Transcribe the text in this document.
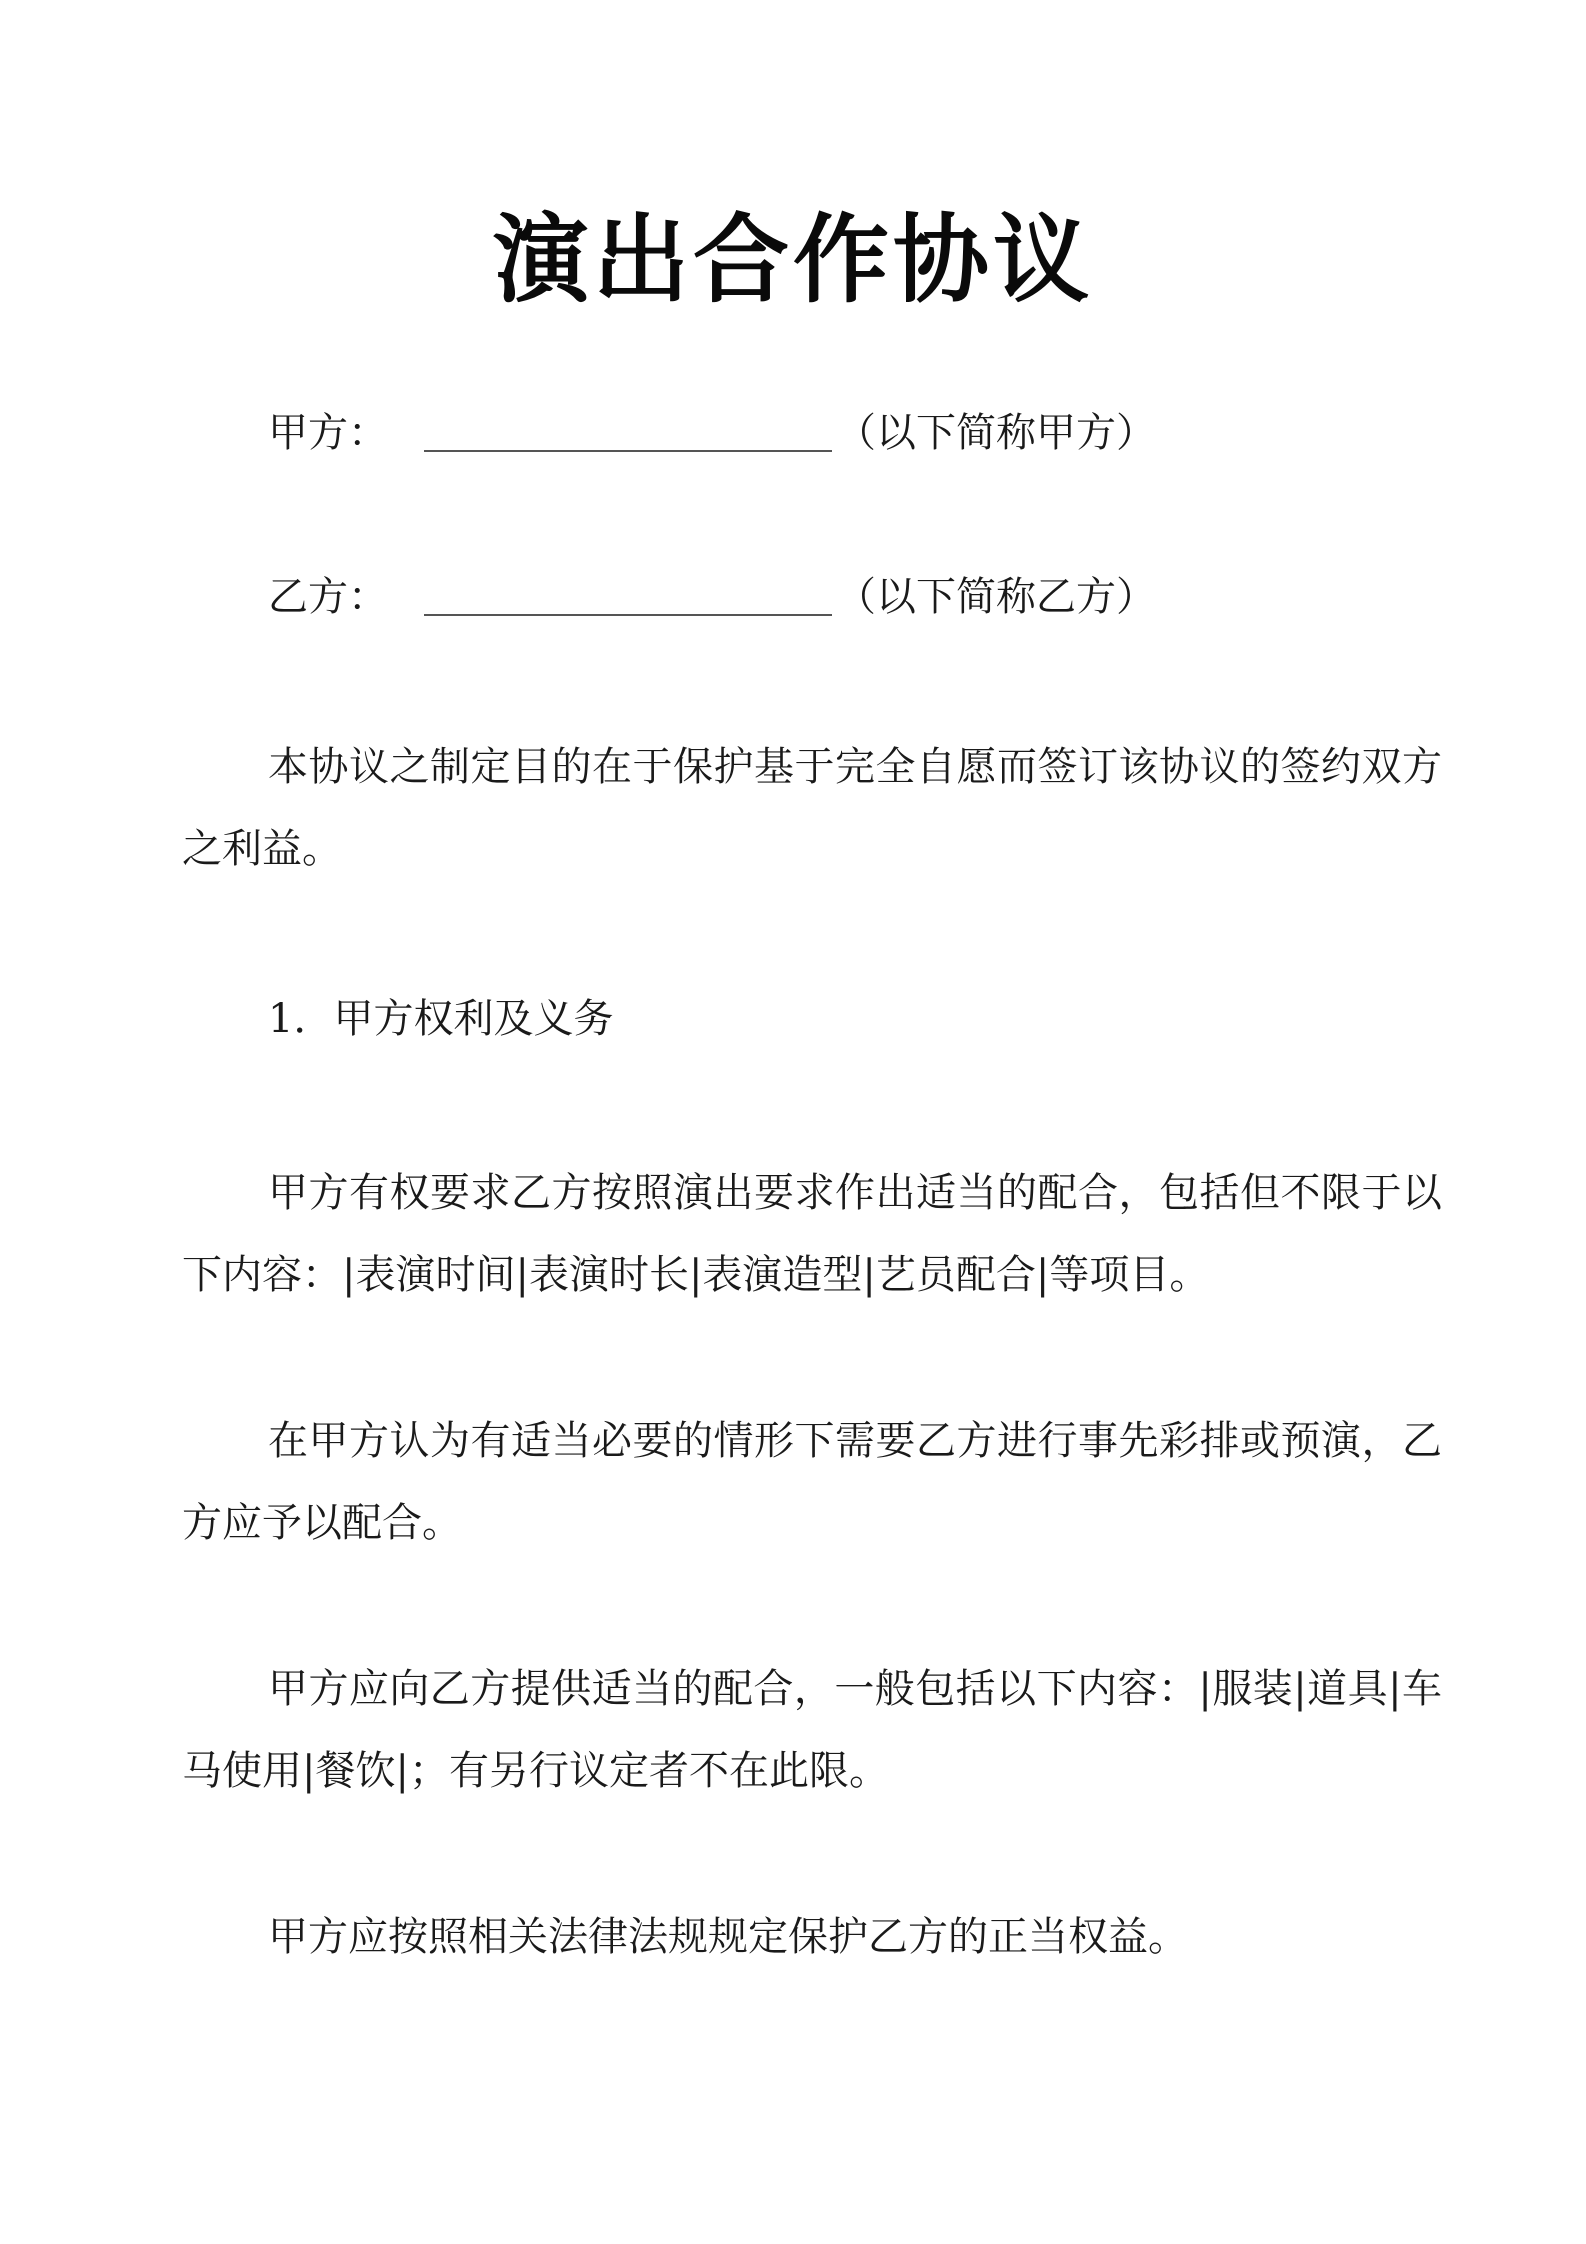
演出合作协议
甲方：	（以下简称甲方）
乙方：	（以下简称乙方）
本协议之制定目的在于保护基于完全自愿而签订该协议的签约双方之利益。
1．甲方权利及义务
甲方有权要求乙方按照演出要求作出适当的配合，包括但不限于以下内容：|表演时间|表演时长|表演造型|艺员配合|等项目。
在甲方认为有适当必要的情形下需要乙方进行事先彩排或预演，乙方应予以配合。
甲方应向乙方提供适当的配合，一般包括以下内容：|服装|道具|车马使用|餐饮|；有另行议定者不在此限。
甲方应按照相关法律法规规定保护乙方的正当权益。
